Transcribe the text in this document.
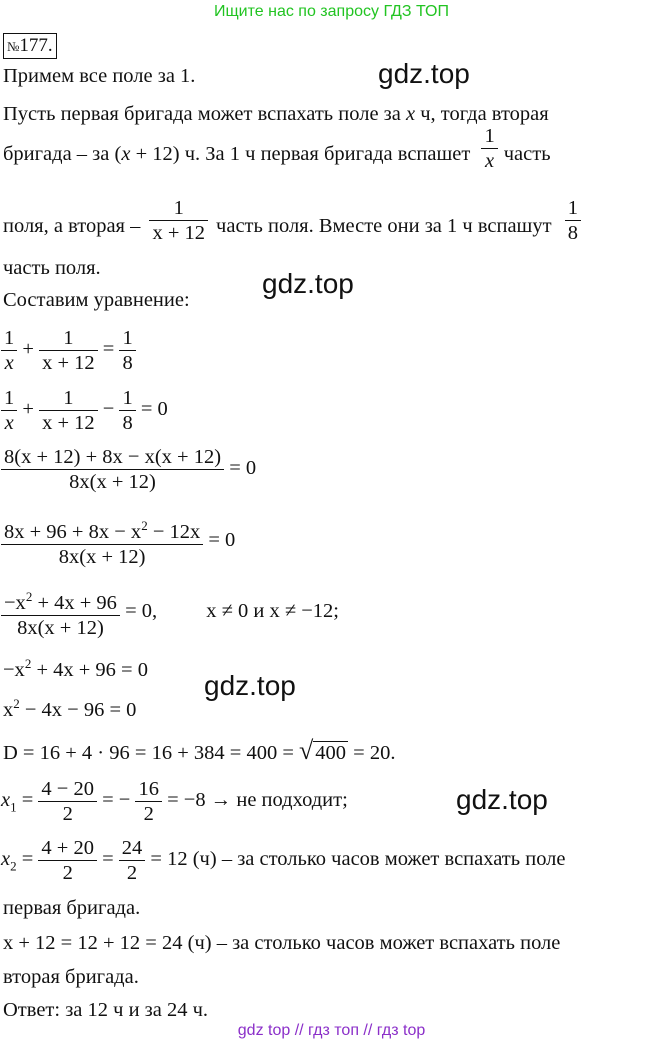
Ищите нас по запросу ГДЗ ТОП
№177.
Примем все поле за 1.	gdz.top
Пусть первая бригада может вспахать поле за x ч, тогда вторая
бригада – за (x + 12) ч. За 1 ч первая бригада вспашет $\frac{1}{x}$ часть
поля, а вторая – $\frac{1}{x + 12}$ часть поля. Вместе они за 1 ч вспашут $\frac{1}{8}$
часть поля.	gdz.top
Составим уравнение:
$\frac{1}{x} + \frac{1}{x + 12} = \frac{1}{8}$
$\frac{1}{x} + \frac{1}{x + 12} - \frac{1}{8} = 0$
$\frac{8(x + 12) + 8x - x(x + 12)}{8x(x + 12)} = 0$
$\frac{8x + 96 + 8x - x^2 - 12x}{8x(x + 12)} = 0$
$\frac{-x^2 + 4x + 96}{8x(x + 12)} = 0$, x ≠ 0 и x ≠ −12;
$-x^2 + 4x + 96 = 0$
gdz.top
$x^2 - 4x - 96 = 0$
D = 16 + 4 · 96 = 16 + 384 = 400 = √400 = 20.
$x_1 = \frac{4 - 20}{2}$ = − $\frac{16}{2} = -8$ → не подходит;	gdz.top
$x_2 = \frac{4 + 20}{2} = \frac{24}{2} = 12$ (ч) – за столько часов может вспахать поле
первая бригада.
x + 12 = 12 + 12 = 24 (ч) – за столько часов может вспахать поле
вторая бригада.
Ответ: за 12 ч и за 24 ч.
gdz top // гдз топ // гдз top
